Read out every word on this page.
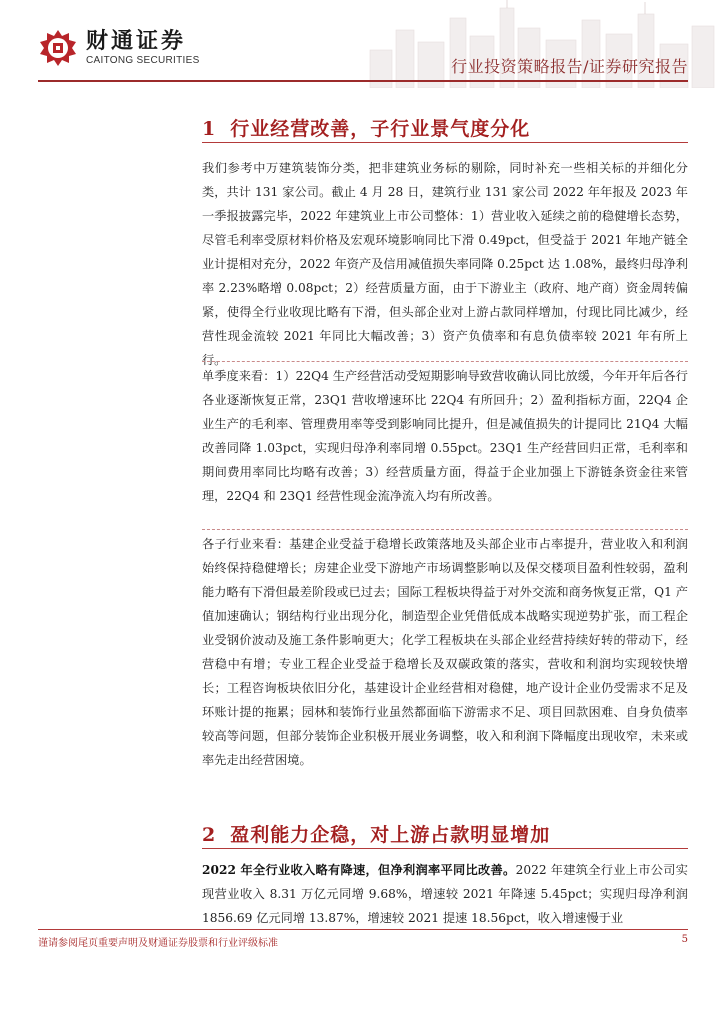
财通证券
CAITONG SECURITIES	行业投资策略报告/证券研究报告
1 行业经营改善，子行业景气度分化

我们参考中万建筑装饰分类，把非建筑业务标的剔除，同时补充一些相关标的并细化分类，共计 131 家公司。截止 4 月 28 日，建筑行业 131 家公司 2022 年年报及 2023 年一季报披露完毕，2022 年建筑业上市公司整体：1）营业收入延续之前的稳健增长态势，尽管毛利率受原材料价格及宏观环境影响同比下滑 0.49pct，但受益于 2021 年地产链全业计提相对充分，2022 年资产及信用减值损失率同降 0.25pct 达 1.08%，最终归母净利率 2.23%略增 0.08pct；2）经营质量方面，由于下游业主（政府、地产商）资金周转偏紧，使得全行业收现比略有下滑，但头部企业对上游占款同样增加，付现比同比减少，经营性现金流较 2021 年同比大幅改善；3）资产负债率和有息负债率较 2021 年有所上行。

单季度来看：1）22Q4 生产经营活动受短期影响导致营收确认同比放缓，今年开年后各行各业逐渐恢复正常，23Q1 营收增速环比 22Q4 有所回升；2）盈利指标方面，22Q4 企业生产的毛利率、管理费用率等受到影响同比提升，但是减值损失的计提同比 21Q4 大幅改善同降 1.03pct，实现归母净利率同增 0.55pct。23Q1 生产经营回归正常，毛利率和期间费用率同比均略有改善；3）经营质量方面，得益于企业加强上下游链条资金往来管理，22Q4 和 23Q1 经营性现金流净流入均有所改善。

各子行业来看：基建企业受益于稳增长政策落地及头部企业市占率提升，营业收入和利润始终保持稳健增长；房建企业受下游地产市场调整影响以及保交楼项目盈利性较弱，盈利能力略有下滑但最差阶段或已过去；国际工程板块得益于对外交流和商务恢复正常，Q1 产值加速确认；钢结构行业出现分化，制造型企业凭借低成本战略实现逆势扩张，而工程企业受钢价波动及施工条件影响更大；化学工程板块在头部企业经营持续好转的带动下，经营稳中有增；专业工程企业受益于稳增长及双碳政策的落实，营收和利润均实现较快增长；工程咨询板块依旧分化，基建设计企业经营相对稳健，地产设计企业仍受需求不足及环账计提的拖累；园林和装饰行业虽然都面临下游需求不足、项目回款困难、自身负债率较高等问题，但部分装饰企业积极开展业务调整，收入和利润下降幅度出现收窄，未来或率先走出经营困境。

2 盈利能力企稳，对上游占款明显增加

2022 年全行业收入略有降速，但净利润率平同比改善。2022 年建筑全行业上市公司实现营业收入 8.31 万亿元同增 9.68%，增速较 2021 年降速 5.45pct；实现归母净利润 1856.69 亿元同增 13.87%，增速较 2021 提速 18.56pct，收入增速慢于业

谨请参阅尾页重要声明及财通证券股票和行业评级标准	5
